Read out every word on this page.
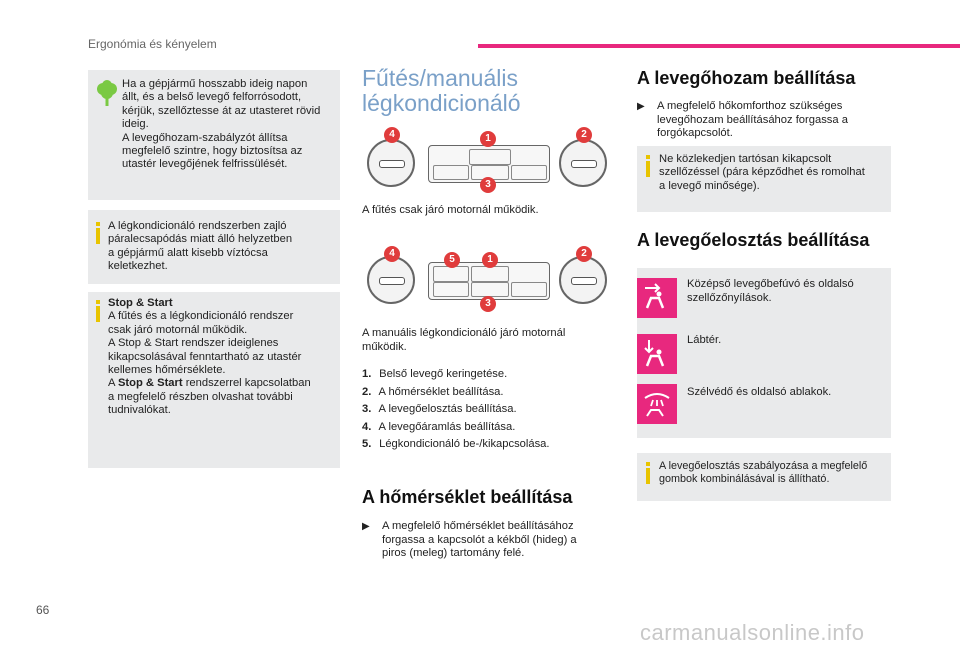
Ergonómia és kényelem
Ha a gépjármű hosszabb ideig napon
állt, és a belső levegő felforrósodott,
kérjük, szellőztesse át az utasteret rövid
ideig.
A levegőhozam-szabályzót állítsa
megfelelő szintre, hogy biztosítsa az
utastér levegőjének felfrissülését.
A légkondicionáló rendszerben zajló
páralecsapódás miatt álló helyzetben
a gépjármű alatt kisebb víztócsa
keletkezhet.
Stop & Start
A fűtés és a légkondicionáló rendszer
csak járó motornál működik.
A Stop & Start rendszer ideiglenes
kikapcsolásával fenntartható az utastér
kellemes hőmérséklete.
A Stop & Start rendszerrel kapcsolatban
a megfelelő részben olvashat további
tudnivalókat.
Fűtés/manuális
légkondicionáló
4	1	2
3
A fűtés csak járó motornál működik.
4
5	1
2
3
A manuális légkondicionáló járó motornál
működik.
1. Belső levegő keringetése.
2. A hőmérséklet beállítása.
3. A levegőelosztás beállítása.
4. A levegőáramlás beállítása.
5. Légkondicionáló be-/kikapcsolása.
A hőmérséklet beállítása
▶ A megfelelő hőmérséklet beállításához
forgassa a kapcsolót a kékből (hideg) a
piros (meleg) tartomány felé.
A levegőhozam beállítása
▶ A megfelelő hőkomforthoz szükséges
levegőhozam beállításához forgassa a
forgókapcsolót.
Ne közlekedjen tartósan kikapcsolt
szellőzéssel (pára képződhet és romolhat
a levegő minősége).
A levegőelosztás beállítása
Középső levegőbefúvó és oldalsó
szellőzőnyílások.
Lábtér.
Szélvédő és oldalsó ablakok.
A levegőelosztás szabályozása a megfelelő
gombok kombinálásával is állítható.
66
carmanualsonline.info
